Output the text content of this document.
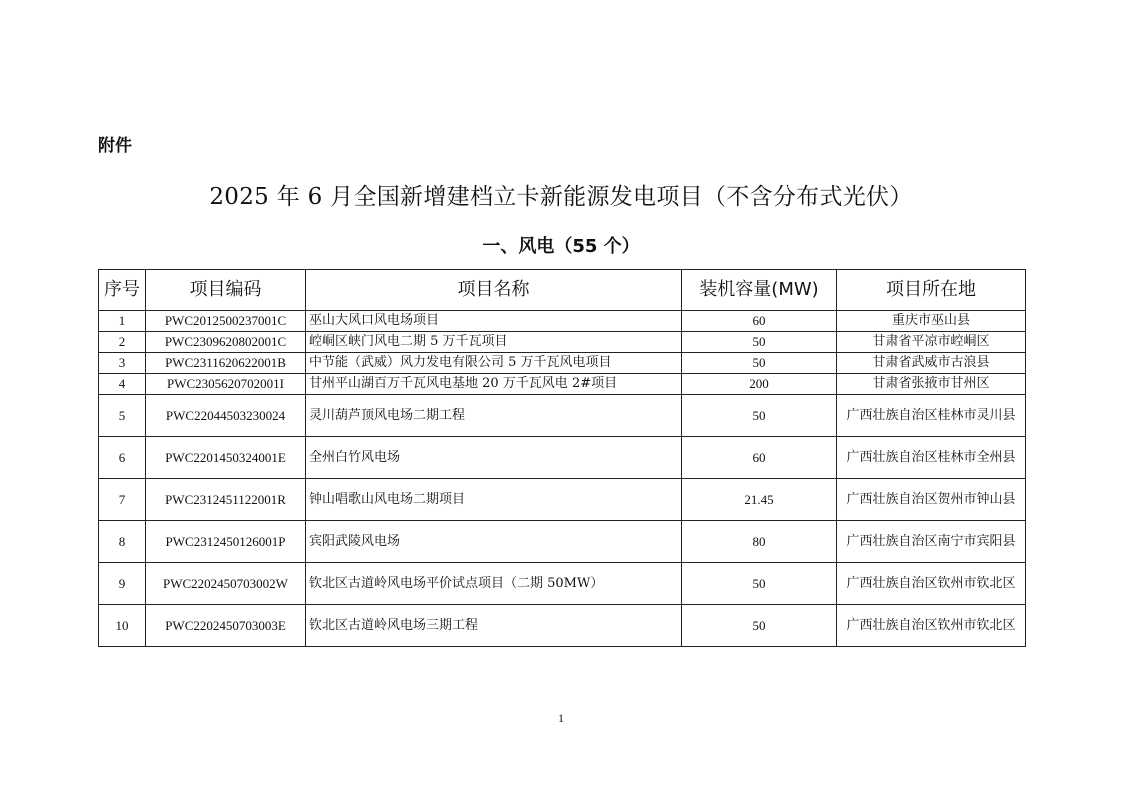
附件
2025 年 6 月全国新增建档立卡新能源发电项目（不含分布式光伏）
一、风电（55 个）
序号	项目编码	项目名称	装机容量(MW)	项目所在地
1	PWC2012500237001C	巫山大风口风电场项目	60	重庆市巫山县
2	PWC2309620802001C	崆峒区峡门风电二期 5 万千瓦项目	50	甘肃省平凉市崆峒区
3	PWC2311620622001B	中节能（武威）风力发电有限公司 5 万千瓦风电项目	50	甘肃省武威市古浪县
4	PWC2305620702001I	甘州平山湖百万千瓦风电基地 20 万千瓦风电 2#项目	200	甘肃省张掖市甘州区
5	PWC22044503230024	灵川葫芦顶风电场二期工程	50	广西壮族自治区桂林市灵川县
6	PWC2201450324001E	全州白竹风电场	60	广西壮族自治区桂林市全州县
7	PWC2312451122001R	钟山唱歌山风电场二期项目	21.45	广西壮族自治区贺州市钟山县
8	PWC2312450126001P	宾阳武陵风电场	80	广西壮族自治区南宁市宾阳县
9	PWC2202450703002W	钦北区古道岭风电场平价试点项目（二期 50MW）	50	广西壮族自治区钦州市钦北区
10	PWC2202450703003E	钦北区古道岭风电场三期工程	50	广西壮族自治区钦州市钦北区
1
